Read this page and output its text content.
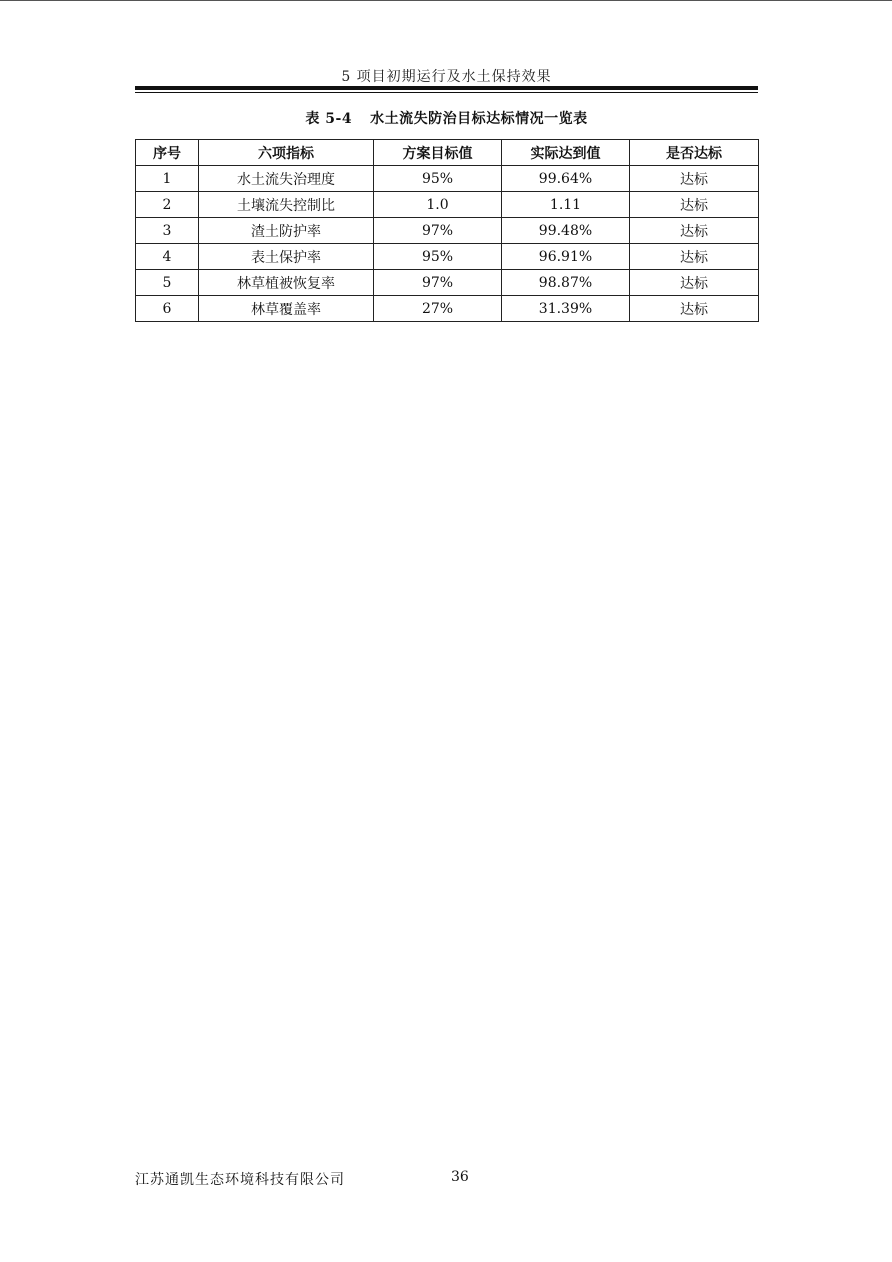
5 项目初期运行及水土保持效果
表 5-4 水土流失防治目标达标情况一览表
序号	六项指标	方案目标值	实际达到值	是否达标
1	水土流失治理度	95%	99.64%	达标
2	土壤流失控制比	1.0	1.11	达标
3	渣土防护率	97%	99.48%	达标
4	表土保护率	95%	96.91%	达标
5	林草植被恢复率	97%	98.87%	达标
6	林草覆盖率	27%	31.39%	达标
江苏通凯生态环境科技有限公司	36
